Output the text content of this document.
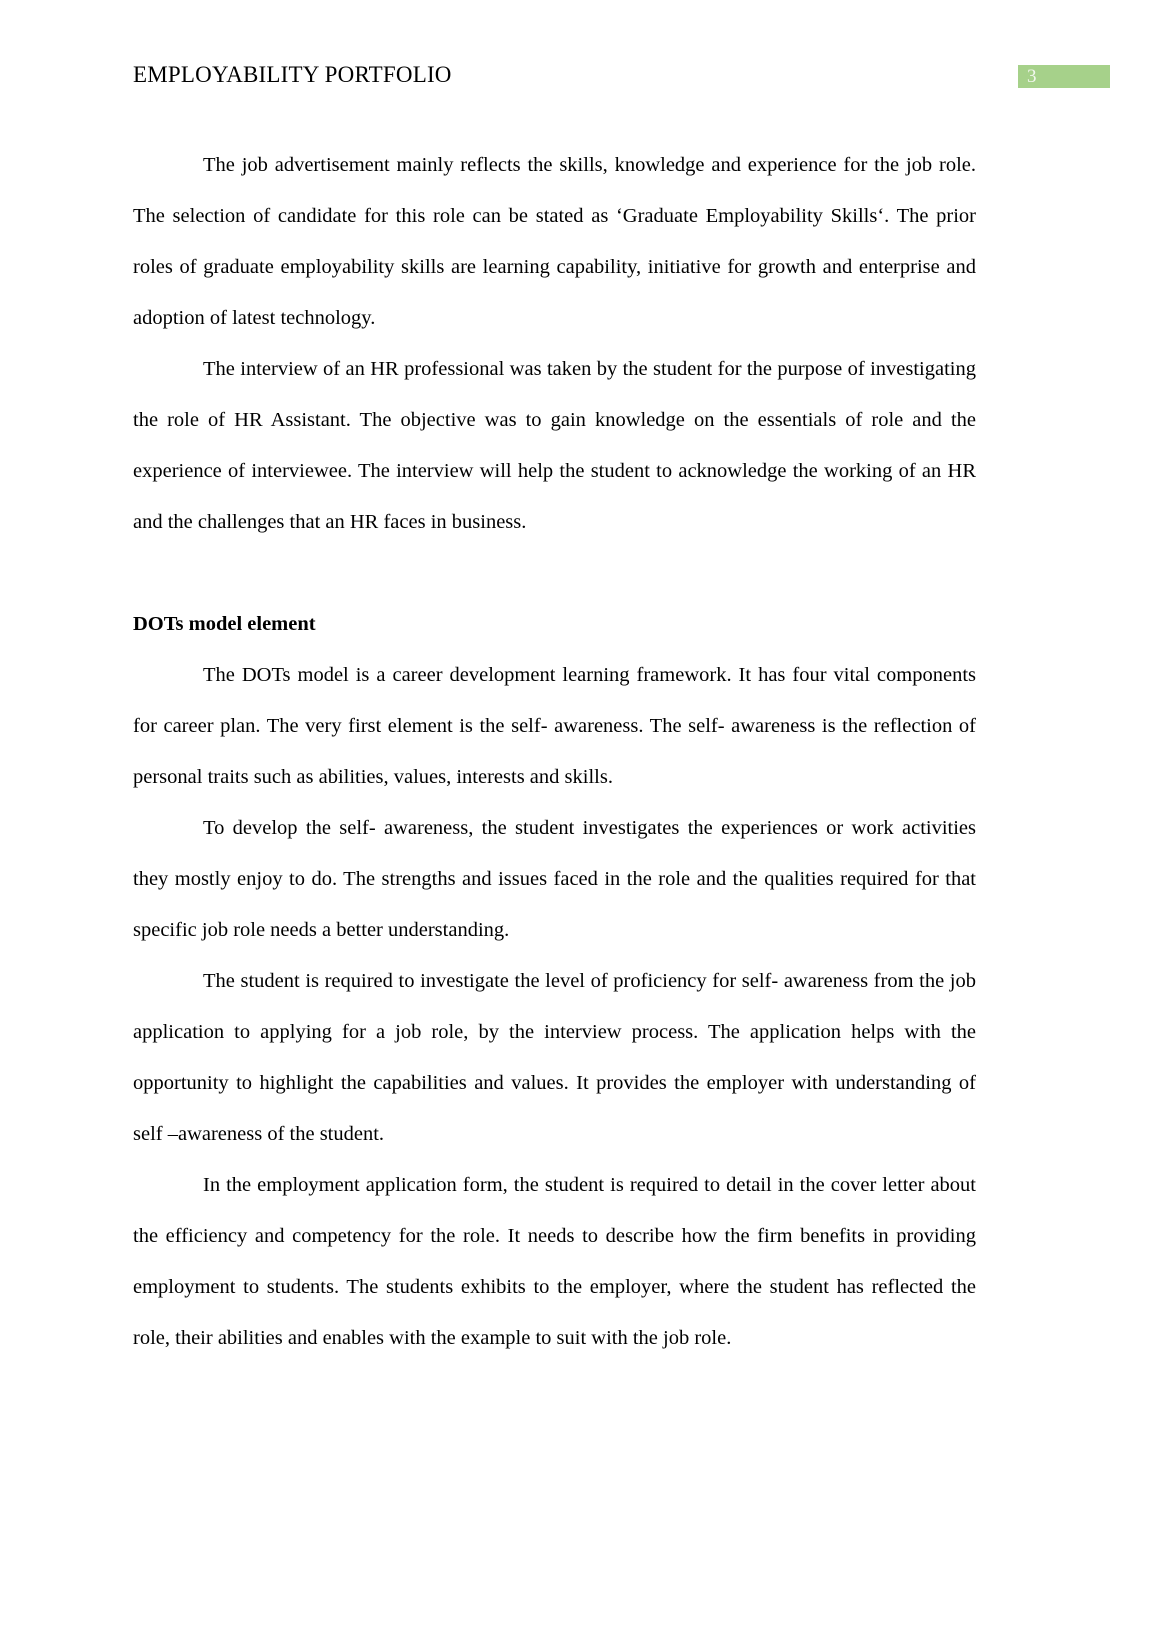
EMPLOYABILITY PORTFOLIO	3

The job advertisement mainly reflects the skills, knowledge and experience for the job role. The selection of candidate for this role can be stated as ‘Graduate Employability Skills‘. The prior roles of graduate employability skills are learning capability, initiative for growth and enterprise and adoption of latest technology.

The interview of an HR professional was taken by the student for the purpose of investigating the role of HR Assistant. The objective was to gain knowledge on the essentials of role and the experience of interviewee. The interview will help the student to acknowledge the working of an HR and the challenges that an HR faces in business.

DOTs model element

The DOTs model is a career development learning framework. It has four vital components for career plan. The very first element is the self- awareness. The self- awareness is the reflection of personal traits such as abilities, values, interests and skills.

To develop the self- awareness, the student investigates the experiences or work activities they mostly enjoy to do. The strengths and issues faced in the role and the qualities required for that specific job role needs a better understanding.

The student is required to investigate the level of proficiency for self- awareness from the job application to applying for a job role, by the interview process. The application helps with the opportunity to highlight the capabilities and values. It provides the employer with understanding of self –awareness of the student.

In the employment application form, the student is required to detail in the cover letter about the efficiency and competency for the role. It needs to describe how the firm benefits in providing employment to students. The students exhibits to the employer, where the student has reflected the role, their abilities and enables with the example to suit with the job role.
